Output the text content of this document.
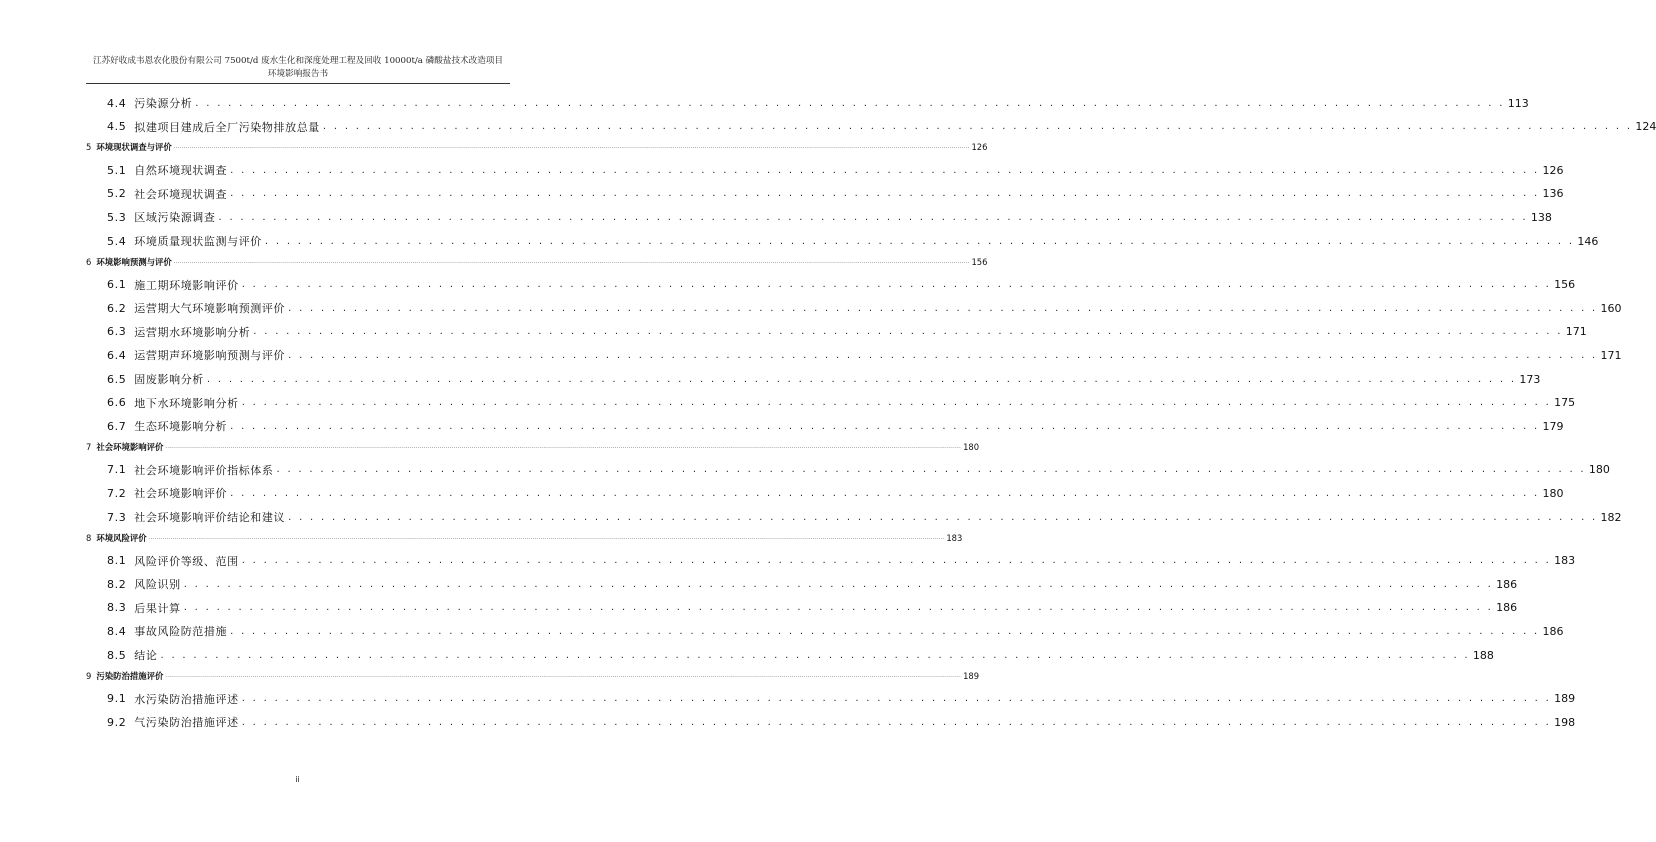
江苏好收成韦恩农化股份有限公司 7500t/d 废水生化和深度处理工程及回收 10000t/a 磷酸盐技术改造项目
环境影响报告书
4.4 污染源分析 . . . . . . . . . . . . . . . . . . . . . . . . . . . . . . . . . . . . . . . . . . . . . . . . . . . . . . . . . . . . . . . . . . . . . . . . . . . . . . . . . . . . . . . . . . . . . . . . . . . . . . . . . . . . . . . . . . . . . . . . 113
4.5 拟建项目建成后全厂污染物排放总量 . . . . . . . . . . . . . . . . . . . . . . . . . . . . . . . . . . . . . . . . . . . . . . . . . . . . . . . . . . . . . . . . . . . . . . . . . . . . . . . . . . . . . . . . . . . . . . . . . . . . . . . . . . . . . . . . . . . . . . . . 124
5 环境现状调查与评价 ................................................................................................................................................................................................................................................................................................................................................................................................................ 126
5.1 自然环境现状调查 . . . . . . . . . . . . . . . . . . . . . . . . . . . . . . . . . . . . . . . . . . . . . . . . . . . . . . . . . . . . . . . . . . . . . . . . . . . . . . . . . . . . . . . . . . . . . . . . . . . . . . . . . . . . . . . . . . . . . . . . 126
5.2 社会环境现状调查 . . . . . . . . . . . . . . . . . . . . . . . . . . . . . . . . . . . . . . . . . . . . . . . . . . . . . . . . . . . . . . . . . . . . . . . . . . . . . . . . . . . . . . . . . . . . . . . . . . . . . . . . . . . . . . . . . . . . . . . . 136
5.3 区域污染源调查 . . . . . . . . . . . . . . . . . . . . . . . . . . . . . . . . . . . . . . . . . . . . . . . . . . . . . . . . . . . . . . . . . . . . . . . . . . . . . . . . . . . . . . . . . . . . . . . . . . . . . . . . . . . . . . . . . . . . . . . . 138
5.4 环境质量现状监测与评价 . . . . . . . . . . . . . . . . . . . . . . . . . . . . . . . . . . . . . . . . . . . . . . . . . . . . . . . . . . . . . . . . . . . . . . . . . . . . . . . . . . . . . . . . . . . . . . . . . . . . . . . . . . . . . . . . . . . . . . . . 146
6 环境影响预测与评价 ................................................................................................................................................................................................................................................................................................................................................................................................................ 156
6.1 施工期环境影响评价 . . . . . . . . . . . . . . . . . . . . . . . . . . . . . . . . . . . . . . . . . . . . . . . . . . . . . . . . . . . . . . . . . . . . . . . . . . . . . . . . . . . . . . . . . . . . . . . . . . . . . . . . . . . . . . . . . . . . . . . . 156
6.2 运营期大气环境影响预测评价 . . . . . . . . . . . . . . . . . . . . . . . . . . . . . . . . . . . . . . . . . . . . . . . . . . . . . . . . . . . . . . . . . . . . . . . . . . . . . . . . . . . . . . . . . . . . . . . . . . . . . . . . . . . . . . . . . . . . . . . . 160
6.3 运营期水环境影响分析 . . . . . . . . . . . . . . . . . . . . . . . . . . . . . . . . . . . . . . . . . . . . . . . . . . . . . . . . . . . . . . . . . . . . . . . . . . . . . . . . . . . . . . . . . . . . . . . . . . . . . . . . . . . . . . . . . . . . . . . . 171
6.4 运营期声环境影响预测与评价 . . . . . . . . . . . . . . . . . . . . . . . . . . . . . . . . . . . . . . . . . . . . . . . . . . . . . . . . . . . . . . . . . . . . . . . . . . . . . . . . . . . . . . . . . . . . . . . . . . . . . . . . . . . . . . . . . . . . . . . . 171
6.5 固废影响分析 . . . . . . . . . . . . . . . . . . . . . . . . . . . . . . . . . . . . . . . . . . . . . . . . . . . . . . . . . . . . . . . . . . . . . . . . . . . . . . . . . . . . . . . . . . . . . . . . . . . . . . . . . . . . . . . . . . . . . . . . 173
6.6 地下水环境影响分析 . . . . . . . . . . . . . . . . . . . . . . . . . . . . . . . . . . . . . . . . . . . . . . . . . . . . . . . . . . . . . . . . . . . . . . . . . . . . . . . . . . . . . . . . . . . . . . . . . . . . . . . . . . . . . . . . . . . . . . . . 175
6.7 生态环境影响分析 . . . . . . . . . . . . . . . . . . . . . . . . . . . . . . . . . . . . . . . . . . . . . . . . . . . . . . . . . . . . . . . . . . . . . . . . . . . . . . . . . . . . . . . . . . . . . . . . . . . . . . . . . . . . . . . . . . . . . . . . 179
7 社会环境影响评价 ................................................................................................................................................................................................................................................................................................................................................................................................................ 180
7.1 社会环境影响评价指标体系 . . . . . . . . . . . . . . . . . . . . . . . . . . . . . . . . . . . . . . . . . . . . . . . . . . . . . . . . . . . . . . . . . . . . . . . . . . . . . . . . . . . . . . . . . . . . . . . . . . . . . . . . . . . . . . . . . . . . . . . . 180
7.2 社会环境影响评价 . . . . . . . . . . . . . . . . . . . . . . . . . . . . . . . . . . . . . . . . . . . . . . . . . . . . . . . . . . . . . . . . . . . . . . . . . . . . . . . . . . . . . . . . . . . . . . . . . . . . . . . . . . . . . . . . . . . . . . . . 180
7.3 社会环境影响评价结论和建议 . . . . . . . . . . . . . . . . . . . . . . . . . . . . . . . . . . . . . . . . . . . . . . . . . . . . . . . . . . . . . . . . . . . . . . . . . . . . . . . . . . . . . . . . . . . . . . . . . . . . . . . . . . . . . . . . . . . . . . . . 182
8 环境风险评价 ................................................................................................................................................................................................................................................................................................................................................................................................................ 183
8.1 风险评价等级、范围 . . . . . . . . . . . . . . . . . . . . . . . . . . . . . . . . . . . . . . . . . . . . . . . . . . . . . . . . . . . . . . . . . . . . . . . . . . . . . . . . . . . . . . . . . . . . . . . . . . . . . . . . . . . . . . . . . . . . . . . . 183
8.2 风险识别 . . . . . . . . . . . . . . . . . . . . . . . . . . . . . . . . . . . . . . . . . . . . . . . . . . . . . . . . . . . . . . . . . . . . . . . . . . . . . . . . . . . . . . . . . . . . . . . . . . . . . . . . . . . . . . . . . . . . . . . . 186
8.3 后果计算 . . . . . . . . . . . . . . . . . . . . . . . . . . . . . . . . . . . . . . . . . . . . . . . . . . . . . . . . . . . . . . . . . . . . . . . . . . . . . . . . . . . . . . . . . . . . . . . . . . . . . . . . . . . . . . . . . . . . . . . . 186
8.4 事故风险防范措施 . . . . . . . . . . . . . . . . . . . . . . . . . . . . . . . . . . . . . . . . . . . . . . . . . . . . . . . . . . . . . . . . . . . . . . . . . . . . . . . . . . . . . . . . . . . . . . . . . . . . . . . . . . . . . . . . . . . . . . . . 186
8.5 结论 . . . . . . . . . . . . . . . . . . . . . . . . . . . . . . . . . . . . . . . . . . . . . . . . . . . . . . . . . . . . . . . . . . . . . . . . . . . . . . . . . . . . . . . . . . . . . . . . . . . . . . . . . . . . . . . . . . . . . . . . 188
9 污染防治措施评价 ................................................................................................................................................................................................................................................................................................................................................................................................................ 189
9.1 水污染防治措施评述 . . . . . . . . . . . . . . . . . . . . . . . . . . . . . . . . . . . . . . . . . . . . . . . . . . . . . . . . . . . . . . . . . . . . . . . . . . . . . . . . . . . . . . . . . . . . . . . . . . . . . . . . . . . . . . . . . . . . . . . . 189
9.2 气污染防治措施评述 . . . . . . . . . . . . . . . . . . . . . . . . . . . . . . . . . . . . . . . . . . . . . . . . . . . . . . . . . . . . . . . . . . . . . . . . . . . . . . . . . . . . . . . . . . . . . . . . . . . . . . . . . . . . . . . . . . . . . . . . 198
ii
